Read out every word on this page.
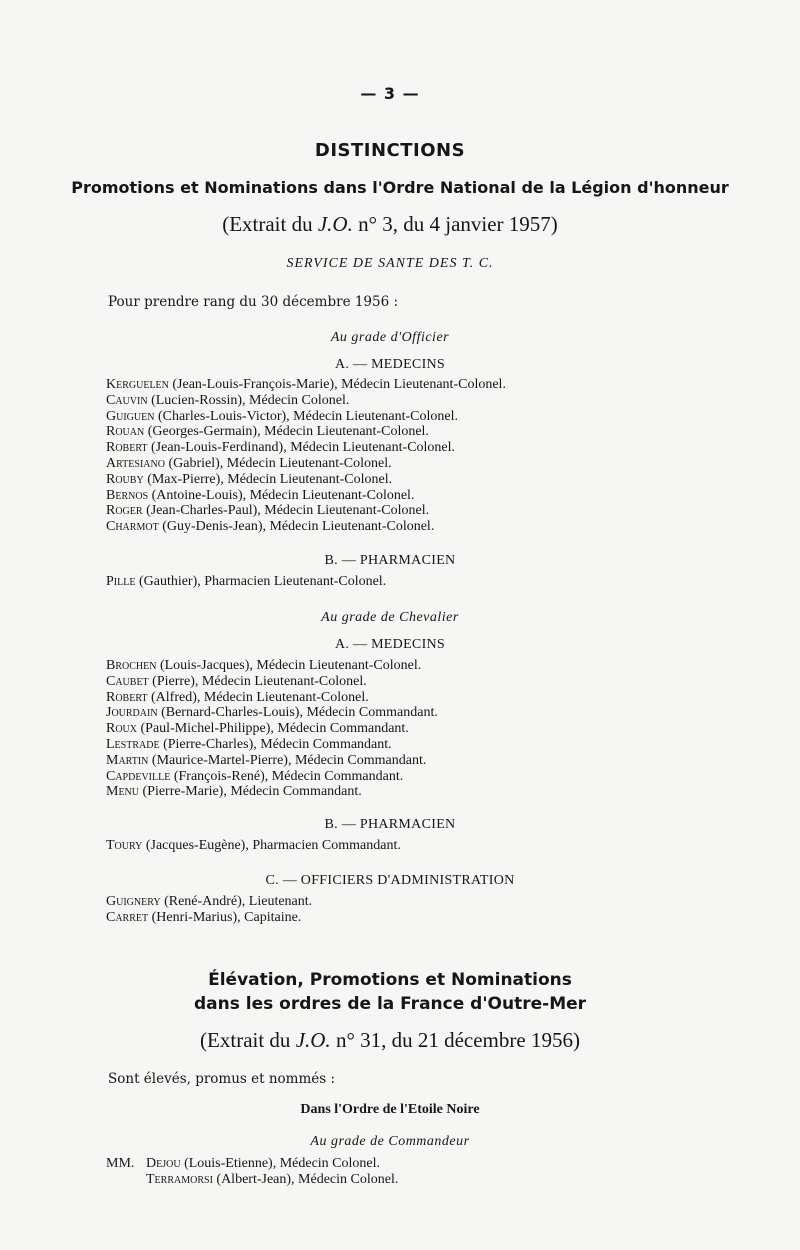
— 3 —
DISTINCTIONS
Promotions et Nominations dans l'Ordre National de la Légion d'honneur
(Extrait du J.O. n° 3, du 4 janvier 1957)
SERVICE DE SANTE DES T. C.
Pour prendre rang du 30 décembre 1956 :
Au grade d'Officier
A. — MEDECINS
Kerguelen (Jean-Louis-François-Marie), Médecin Lieutenant-Colonel.
Cauvin (Lucien-Rossin), Médecin Colonel.
Guiguen (Charles-Louis-Victor), Médecin Lieutenant-Colonel.
Rouan (Georges-Germain), Médecin Lieutenant-Colonel.
Robert (Jean-Louis-Ferdinand), Médecin Lieutenant-Colonel.
Artesiano (Gabriel), Médecin Lieutenant-Colonel.
Rouby (Max-Pierre), Médecin Lieutenant-Colonel.
Bernos (Antoine-Louis), Médecin Lieutenant-Colonel.
Roger (Jean-Charles-Paul), Médecin Lieutenant-Colonel.
Charmot (Guy-Denis-Jean), Médecin Lieutenant-Colonel.
B. — PHARMACIEN
Pille (Gauthier), Pharmacien Lieutenant-Colonel.
Au grade de Chevalier
A. — MEDECINS
Brochen (Louis-Jacques), Médecin Lieutenant-Colonel.
Caubet (Pierre), Médecin Lieutenant-Colonel.
Robert (Alfred), Médecin Lieutenant-Colonel.
Jourdain (Bernard-Charles-Louis), Médecin Commandant.
Roux (Paul-Michel-Philippe), Médecin Commandant.
Lestrade (Pierre-Charles), Médecin Commandant.
Martin (Maurice-Martel-Pierre), Médecin Commandant.
Capdeville (François-René), Médecin Commandant.
Menu (Pierre-Marie), Médecin Commandant.
B. — PHARMACIEN
Toury (Jacques-Eugène), Pharmacien Commandant.
C. — OFFICIERS D'ADMINISTRATION
Guignery (René-André), Lieutenant.
Carret (Henri-Marius), Capitaine.
Élévation, Promotions et Nominations
dans les ordres de la France d'Outre-Mer
(Extrait du J.O. n° 31, du 21 décembre 1956)
Sont élevés, promus et nommés :
Dans l'Ordre de l'Etoile Noire
Au grade de Commandeur
MM. Dejou (Louis-Etienne), Médecin Colonel.
Terramorsi (Albert-Jean), Médecin Colonel.
